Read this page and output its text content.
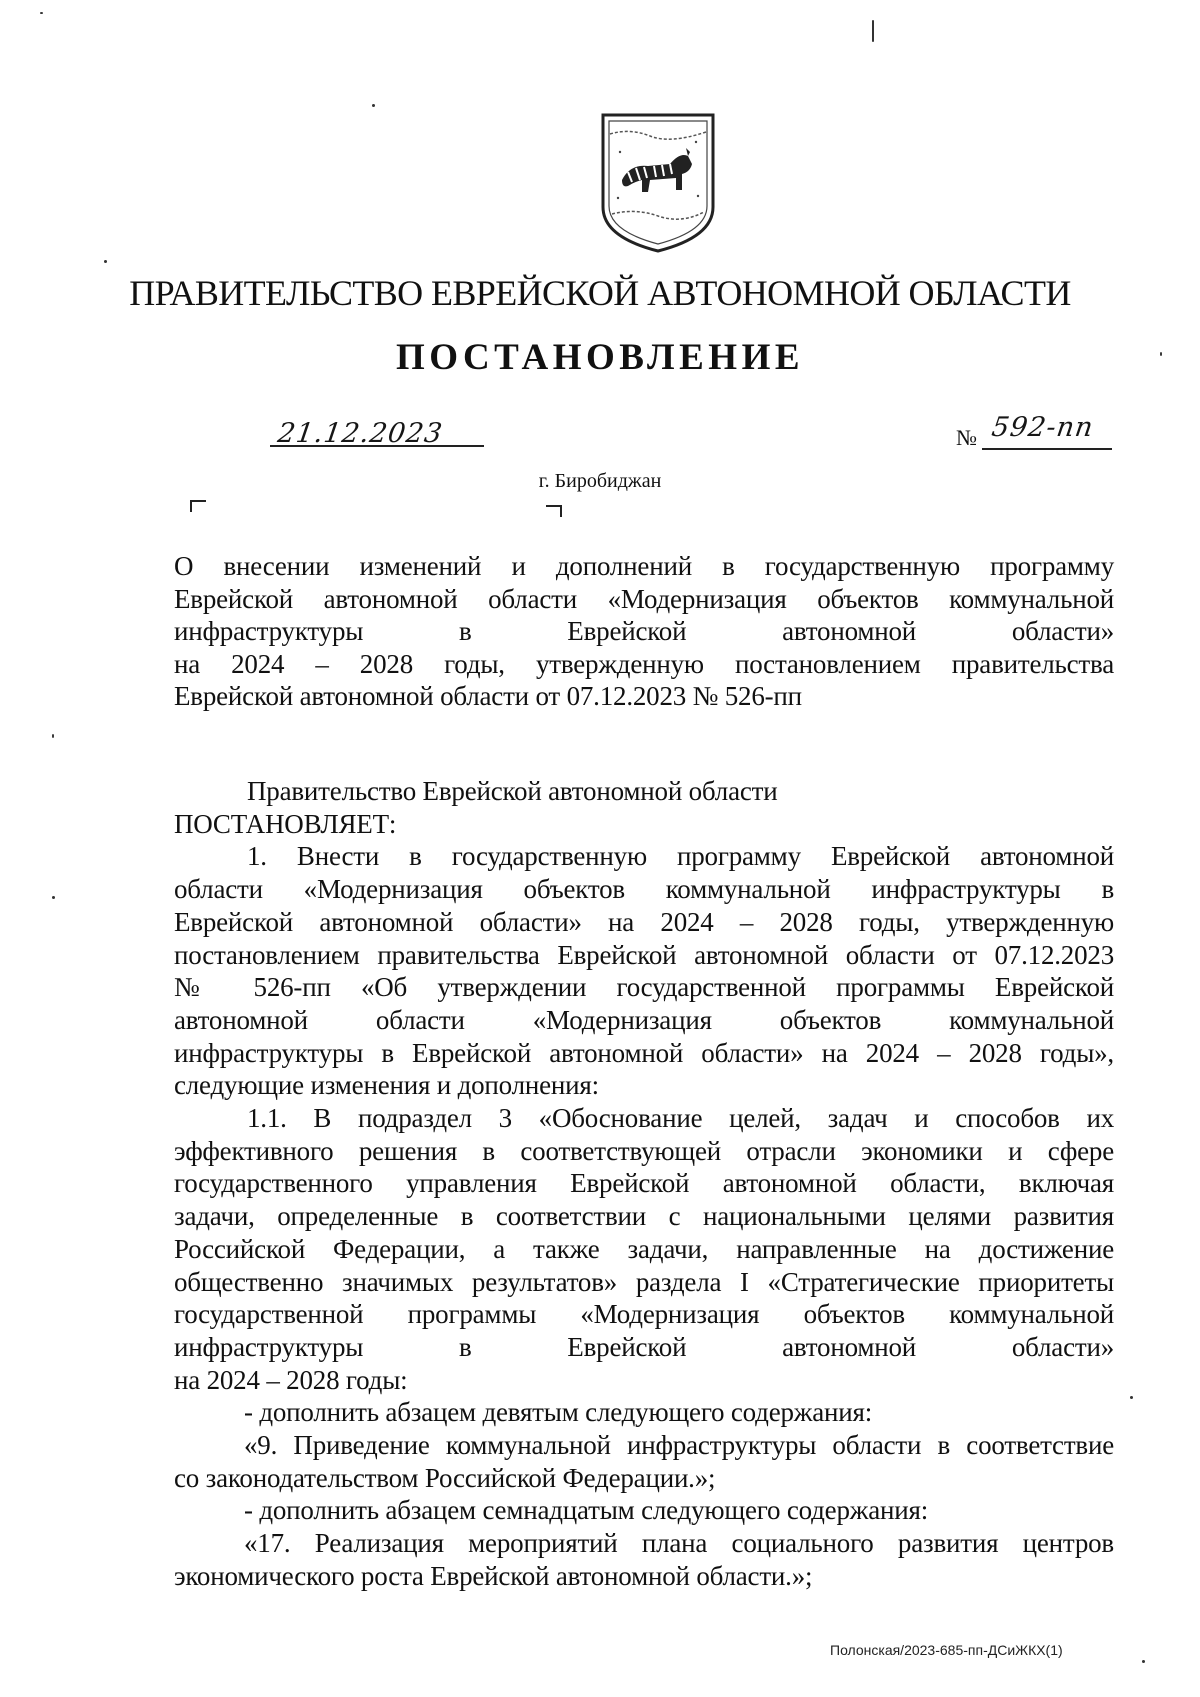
ПРАВИТЕЛЬСТВО ЕВРЕЙСКОЙ АВТОНОМНОЙ ОБЛАСТИ
ПОСТАНОВЛЕНИЕ
21.12.2023	№ 592-пп
г. Биробиджан
О внесении изменений и дополнений в государственную программу
Еврейской автономной области «Модернизация объектов коммунальной
инфраструктуры в Еврейской автономной области»
на 2024 – 2028 годы, утвержденную постановлением правительства
Еврейской автономной области от 07.12.2023 № 526-пп
Правительство Еврейской автономной области
ПОСТАНОВЛЯЕТ:
1. Внести в государственную программу Еврейской автономной
области «Модернизация объектов коммунальной инфраструктуры в
Еврейской автономной области» на 2024 – 2028 годы, утвержденную
постановлением правительства Еврейской автономной области от 07.12.2023
№ 526-пп «Об утверждении государственной программы Еврейской
автономной области «Модернизация объектов коммунальной
инфраструктуры в Еврейской автономной области» на 2024 – 2028 годы»,
следующие изменения и дополнения:
1.1. В подраздел 3 «Обоснование целей, задач и способов их
эффективного решения в соответствующей отрасли экономики и сфере
государственного управления Еврейской автономной области, включая
задачи, определенные в соответствии с национальными целями развития
Российской Федерации, а также задачи, направленные на достижение
общественно значимых результатов» раздела I «Стратегические приоритеты
государственной программы «Модернизация объектов коммунальной
инфраструктуры в Еврейской автономной области»
на 2024 – 2028 годы:
- дополнить абзацем девятым следующего содержания:
«9. Приведение коммунальной инфраструктуры области в соответствие
со законодательством Российской Федерации.»;
- дополнить абзацем семнадцатым следующего содержания:
«17. Реализация мероприятий плана социального развития центров
экономического роста Еврейской автономной области.»;
Полонская/2023-685-пп-ДСиЖКХ(1)
